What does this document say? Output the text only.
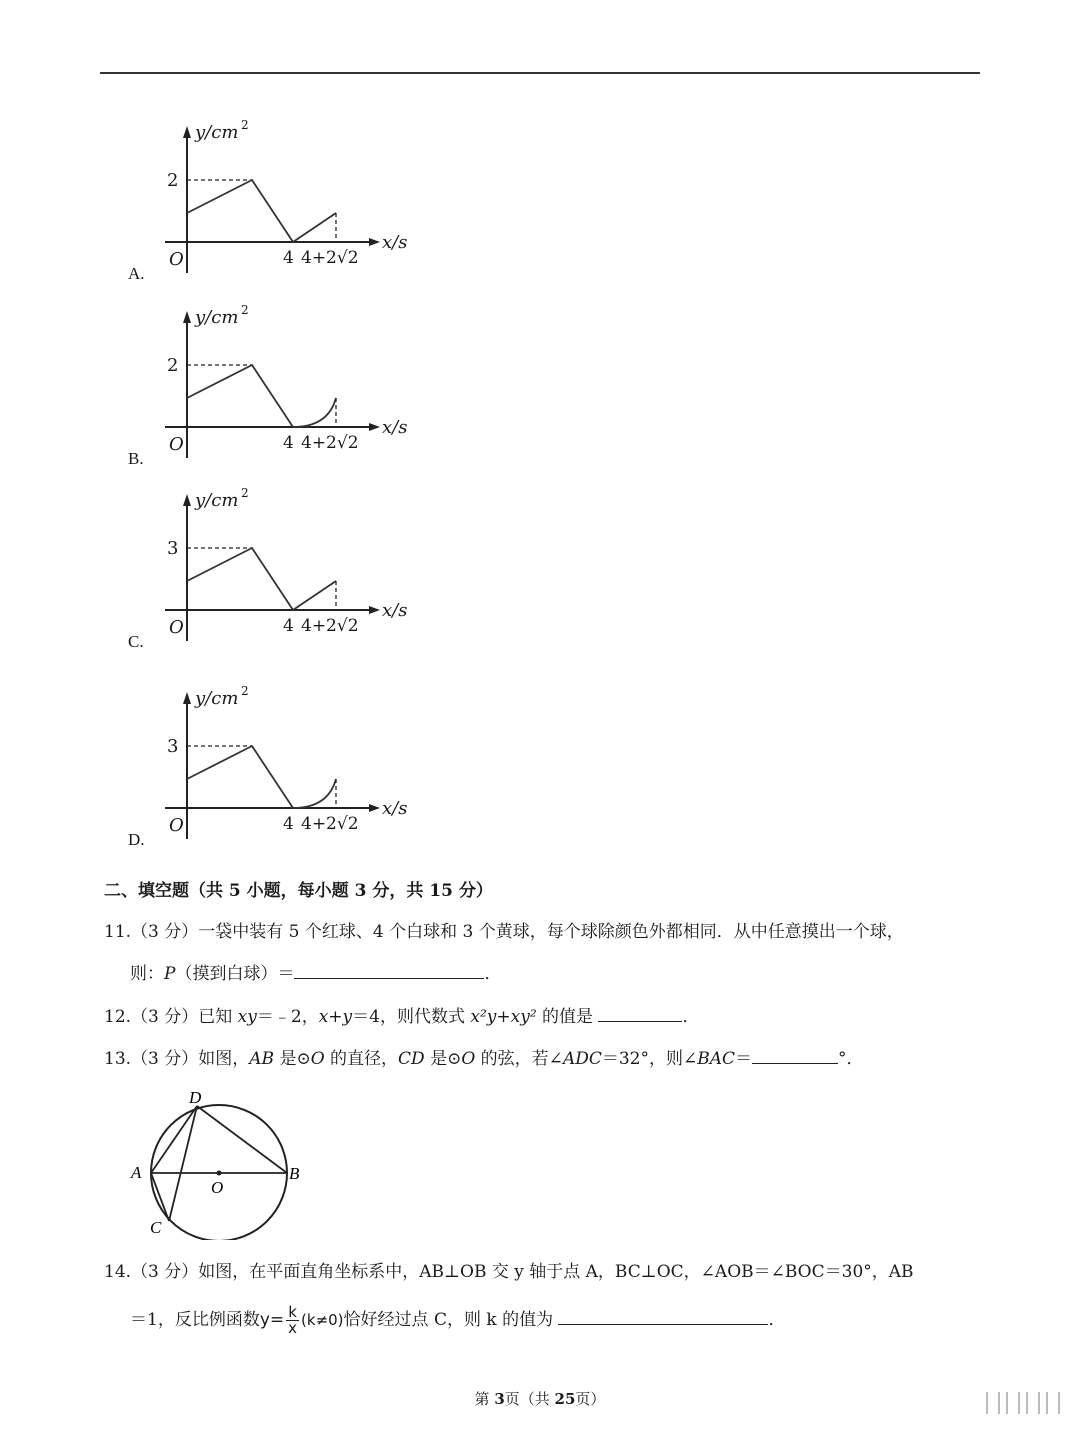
y/cm 2
2
O	4 4+2√2
x/s
A.
y/cm 2
2
O	4 4+2√2
x/s
B.
y/cm 2
3
O	4 4+2√2
x/s
C.
y/cm 2
3
O	4 4+2√2
x/s
D.
二、填空题（共 5 小题，每小题 3 分，共 15 分）
11.（3 分）一袋中装有 5 个红球、4 个白球和 3 个黄球，每个球除颜色外都相同．从中任意摸出一个球，
则：P（摸到白球）＝	．
12.（3 分）已知 xy＝﹣2，x+y＝4，则代数式 x²y+xy² 的值是	．
13.（3 分）如图，AB 是⊙O 的直径，CD 是⊙O 的弦，若∠ADC＝32°，则∠BAC＝	°．
D
A
O
B
C
14.（3 分）如图，在平面直角坐标系中，AB⊥OB 交 y 轴于点 A，BC⊥OC，∠AOB＝∠BOC＝30°，AB
＝1，反比例函数$y= \frac{k}{x} (k\ne 0)$恰好经过点 C，则 k 的值为	．
第 3页（共 25页）
